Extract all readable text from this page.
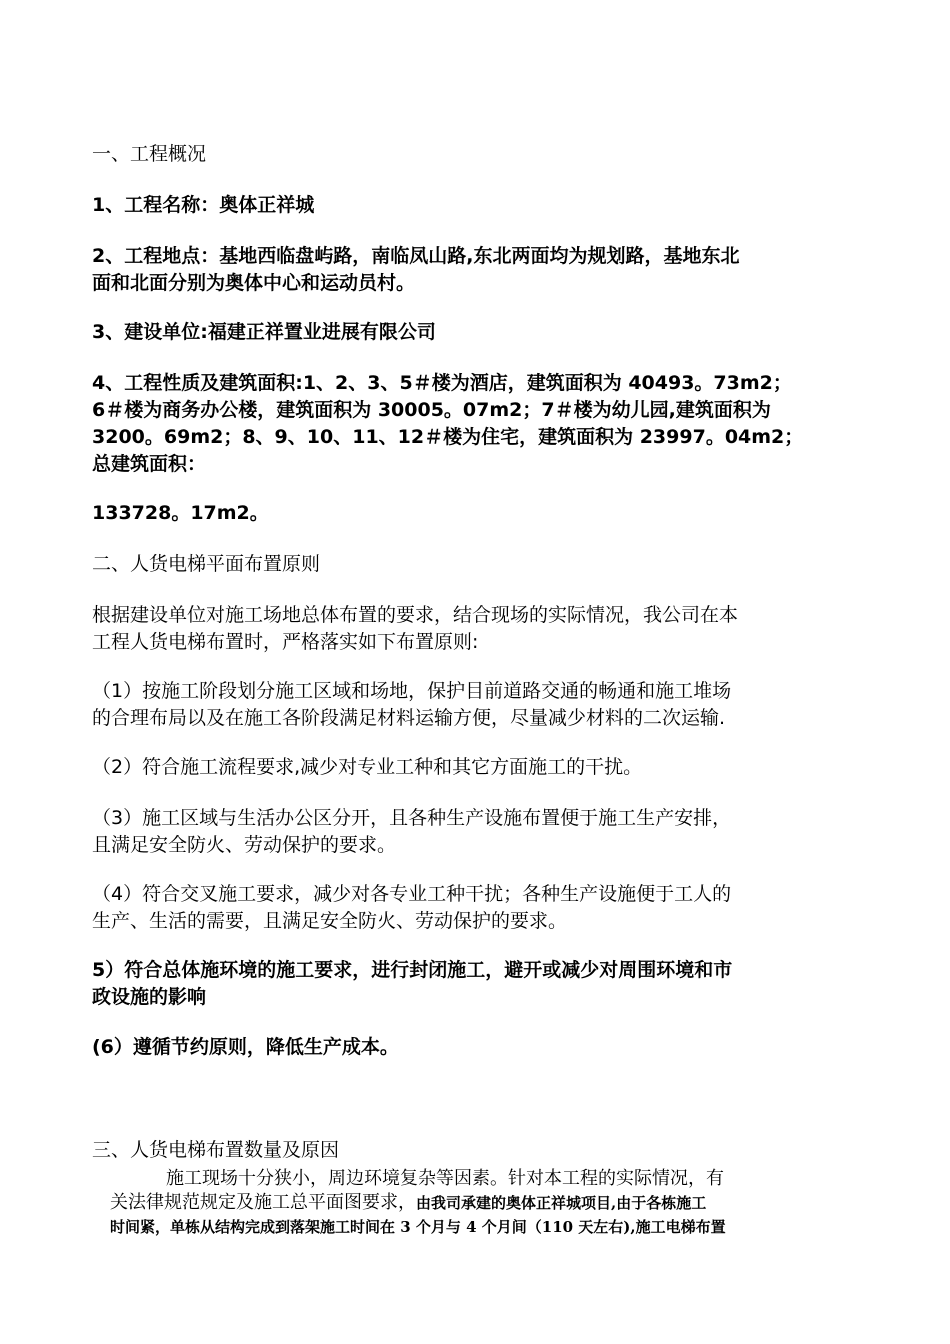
一、工程概况
1、工程名称：奥体正祥城
2、工程地点：基地西临盘屿路，南临凤山路,东北两面均为规划路，基地东北
面和北面分别为奥体中心和运动员村。
3、建设单位:福建正祥置业进展有限公司
4、工程性质及建筑面积:1、2、3、5＃楼为酒店，建筑面积为 40493。73m2；
6＃楼为商务办公楼，建筑面积为 30005。07m2；7＃楼为幼儿园,建筑面积为
3200。69m2；8、9、10、11、12＃楼为住宅，建筑面积为 23997。04m2；
总建筑面积：
133728。17m2。
二、人货电梯平面布置原则
根据建设单位对施工场地总体布置的要求，结合现场的实际情况，我公司在本
工程人货电梯布置时，严格落实如下布置原则:
（1）按施工阶段划分施工区域和场地，保护目前道路交通的畅通和施工堆场
的合理布局以及在施工各阶段满足材料运输方便，尽量减少材料的二次运输.
（2）符合施工流程要求,减少对专业工种和其它方面施工的干扰。
（3）施工区域与生活办公区分开，且各种生产设施布置便于施工生产安排，
且满足安全防火、劳动保护的要求。
（4）符合交叉施工要求，减少对各专业工种干扰；各种生产设施便于工人的
生产、生活的需要，且满足安全防火、劳动保护的要求。
5）符合总体施环境的施工要求，进行封闭施工，避开或减少对周围环境和市
政设施的影响
(6）遵循节约原则，降低生产成本。
三、人货电梯布置数量及原因
施工现场十分狭小，周边环境复杂等因素。针对本工程的实际情况，有
关法律规范规定及施工总平面图要求，由我司承建的奥体正祥城项目,由于各栋施工
时间紧，单栋从结构完成到落架施工时间在 3 个月与 4 个月间（110 天左右),施工电梯布置
